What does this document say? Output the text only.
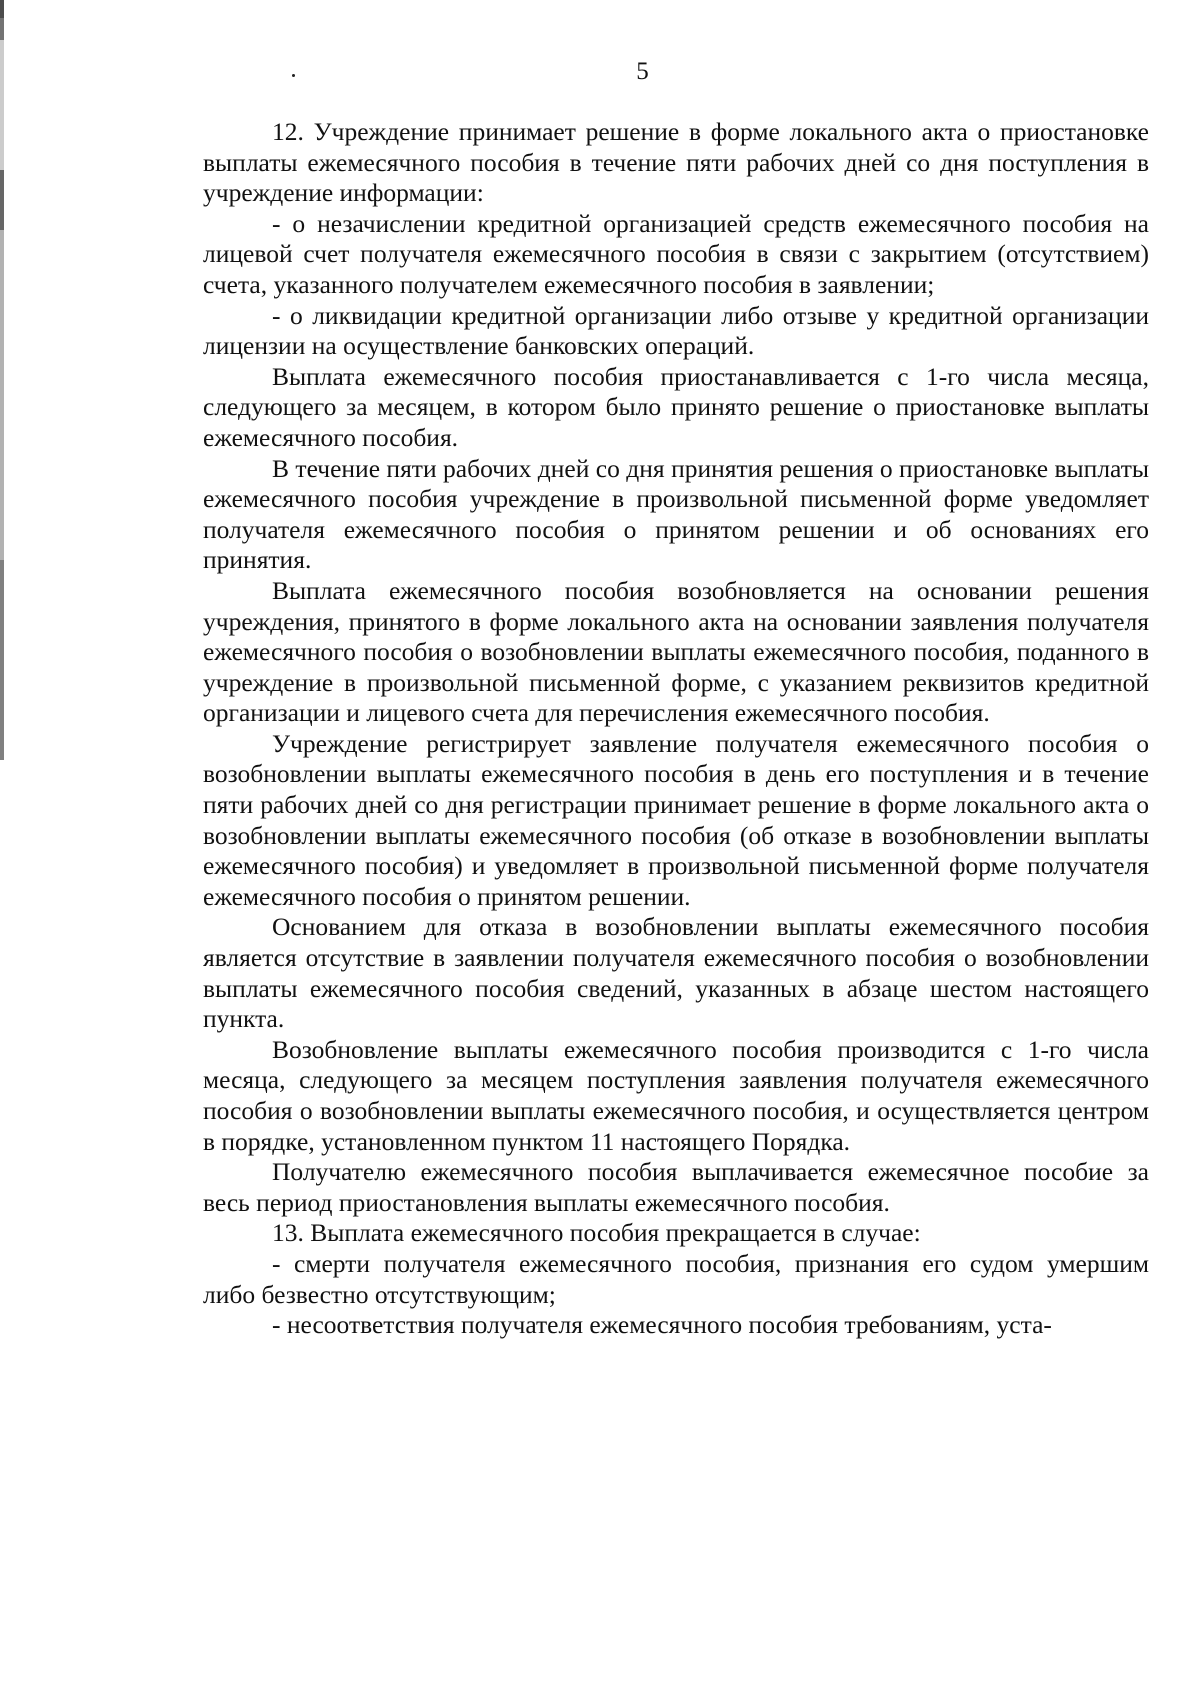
5

12. Учреждение принимает решение в форме локального акта о приостановке выплаты ежемесячного пособия в течение пяти рабочих дней со дня поступления в учреждение информации:

- о незачислении кредитной организацией средств ежемесячного пособия на лицевой счет получателя ежемесячного пособия в связи с закрытием (отсутствием) счета, указанного получателем ежемесячного пособия в заявлении;

- о ликвидации кредитной организации либо отзыве у кредитной организации лицензии на осуществление банковских операций.

Выплата ежемесячного пособия приостанавливается с 1-го числа месяца, следующего за месяцем, в котором было принято решение о приостановке выплаты ежемесячного пособия.

В течение пяти рабочих дней со дня принятия решения о приостановке выплаты ежемесячного пособия учреждение в произвольной письменной форме уведомляет получателя ежемесячного пособия о принятом решении и об основаниях его принятия.

Выплата ежемесячного пособия возобновляется на основании решения учреждения, принятого в форме локального акта на основании заявления получателя ежемесячного пособия о возобновлении выплаты ежемесячного пособия, поданного в учреждение в произвольной письменной форме, с указанием реквизитов кредитной организации и лицевого счета для перечисления ежемесячного пособия.

Учреждение регистрирует заявление получателя ежемесячного пособия о возобновлении выплаты ежемесячного пособия в день его поступления и в течение пяти рабочих дней со дня регистрации принимает решение в форме локального акта о возобновлении выплаты ежемесячного пособия (об отказе в возобновлении выплаты ежемесячного пособия) и уведомляет в произвольной письменной форме получателя ежемесячного пособия о принятом решении.

Основанием для отказа в возобновлении выплаты ежемесячного пособия является отсутствие в заявлении получателя ежемесячного пособия о возобновлении выплаты ежемесячного пособия сведений, указанных в абзаце шестом настоящего пункта.

Возобновление выплаты ежемесячного пособия производится с 1-го числа месяца, следующего за месяцем поступления заявления получателя ежемесячного пособия о возобновлении выплаты ежемесячного пособия, и осуществляется центром в порядке, установленном пунктом 11 настоящего Порядка.

Получателю ежемесячного пособия выплачивается ежемесячное пособие за весь период приостановления выплаты ежемесячного пособия.

13. Выплата ежемесячного пособия прекращается в случае:

- смерти получателя ежемесячного пособия, признания его судом умершим либо безвестно отсутствующим;

- несоответствия получателя ежемесячного пособия требованиям, уста-
